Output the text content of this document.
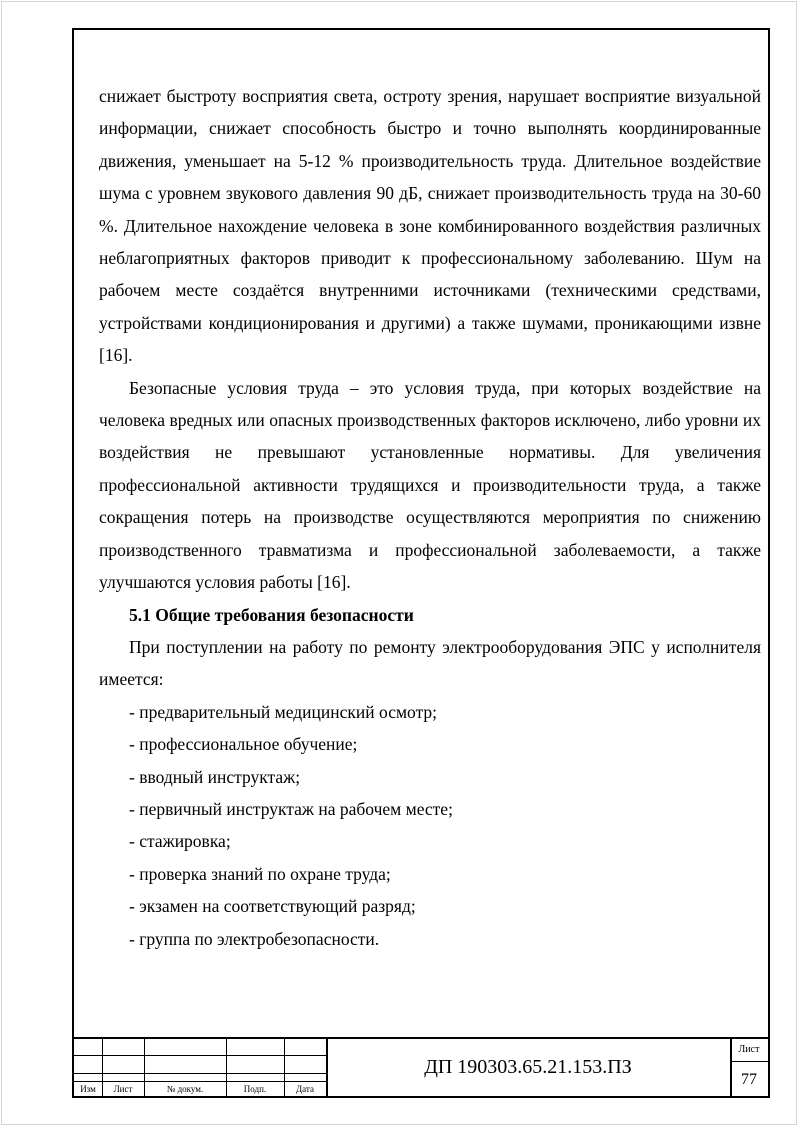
снижает быстроту восприятия света, остроту зрения, нарушает восприятие визуальной информации, снижает способность быстро и точно выполнять координированные движения, уменьшает на 5-12 % производительность труда. Длительное воздействие шума с уровнем звукового давления 90 дБ, снижает производительность труда на 30-60 %. Длительное нахождение человека в зоне комбинированного воздействия различных неблагоприятных факторов приводит к профессиональному заболеванию. Шум на рабочем месте создаётся внутренними источниками (техническими средствами, устройствами кондиционирования и другими) а также шумами, проникающими извне [16].

Безопасные условия труда – это условия труда, при которых воздействие на человека вредных или опасных производственных факторов исключено, либо уровни их воздействия не превышают установленные нормативы. Для увеличения профессиональной активности трудящихся и производительности труда, а также сокращения потерь на производстве осуществляются мероприятия по снижению производственного травматизма и профессиональной заболеваемости, а также улучшаются условия работы [16].

5.1 Общие требования безопасности

При поступлении на работу по ремонту электрооборудования ЭПС у исполнителя имеется:

- предварительный медицинский осмотр;
- профессиональное обучение;
- вводный инструктаж;
- первичный инструктаж на рабочем месте;
- стажировка;
- проверка знаний по охране труда;
- экзамен на соответствующий разряд;
- группа по электробезопасности.
Изм	Лист	№ докум.	Подп.	Дата
ДП 190303.65.21.153.ПЗ
Лист
77
